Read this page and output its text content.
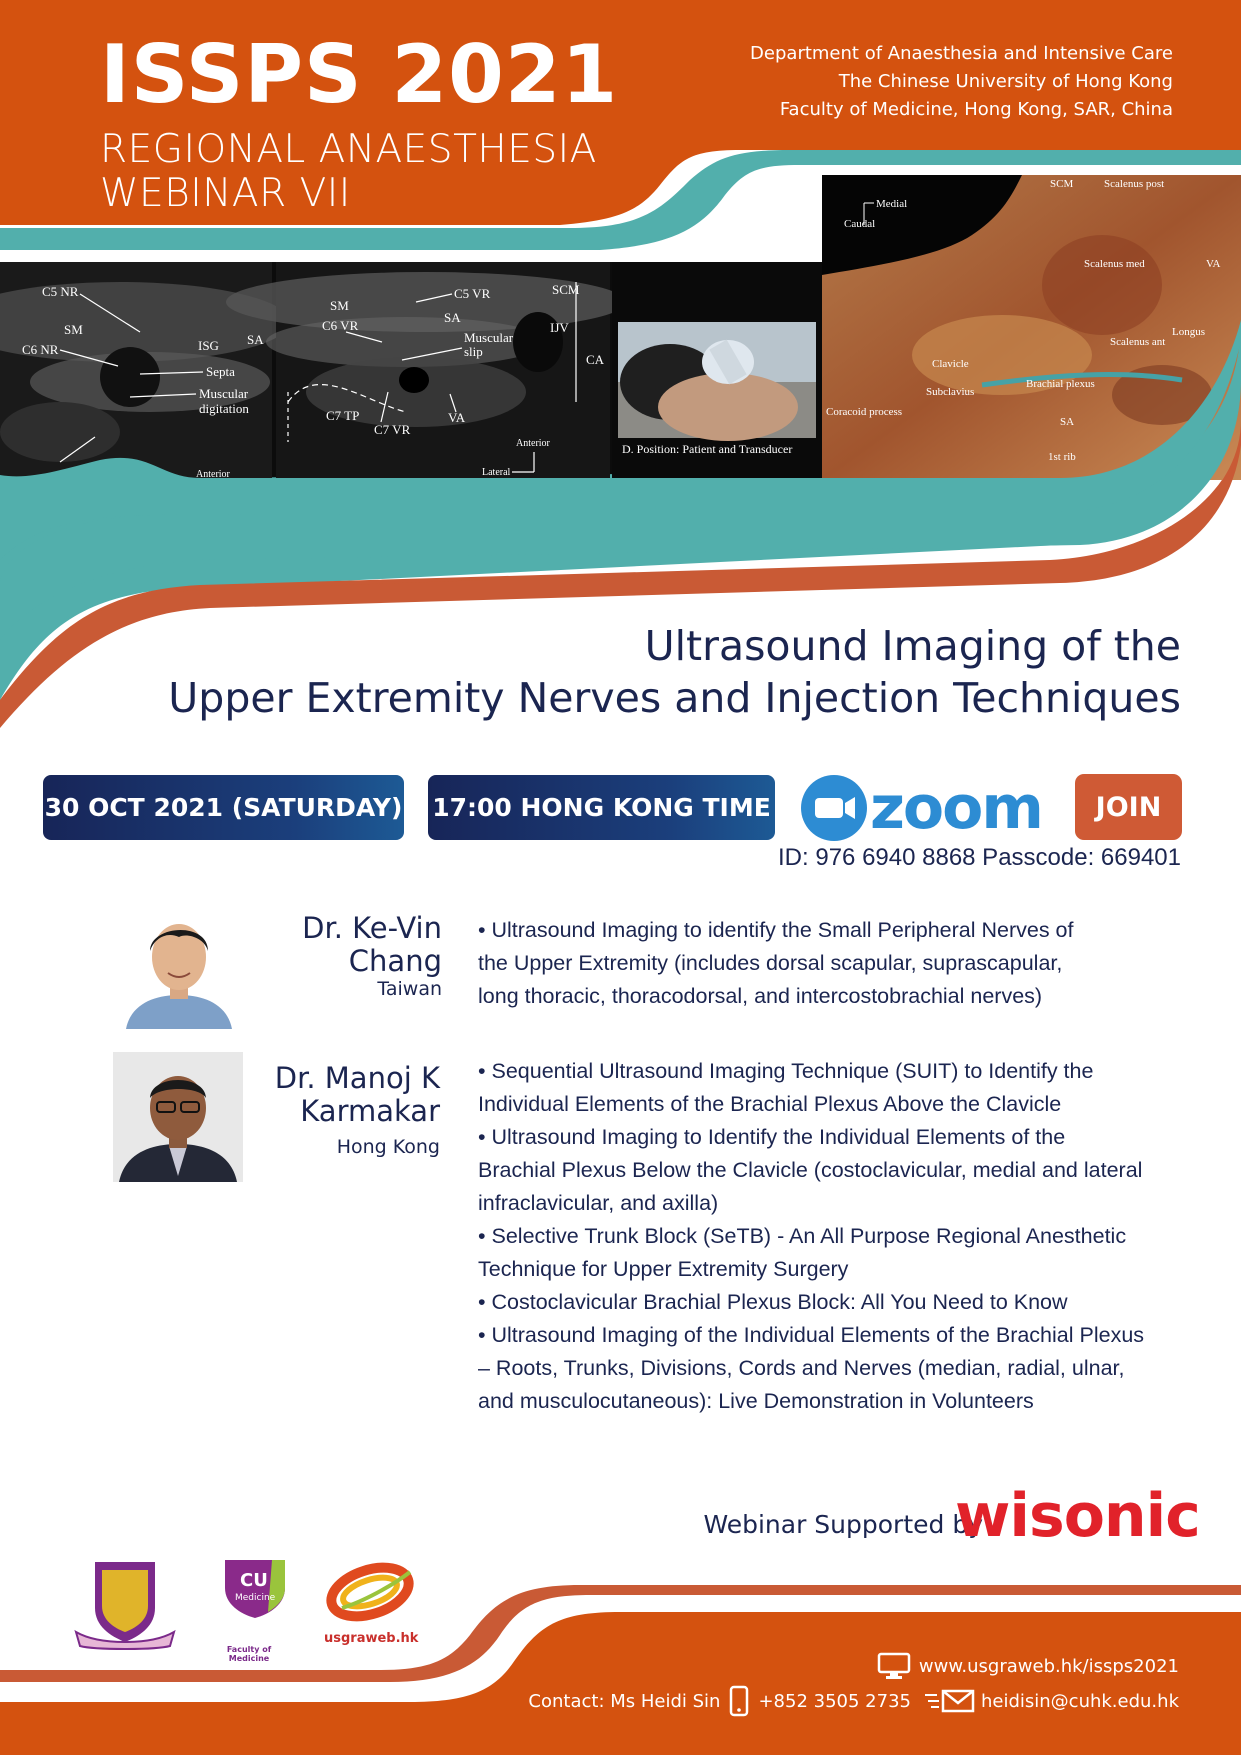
C5 NR
SM
C6 NR	ISG SA
Septa
Muscular
digitation
Anterior
SM
C5 VR
C6 VR
SA
Muscular
slip
C7 TP
C7 VR
VA
SCM
IJV
CA
Anterior
Lateral
D. Position: Patient and Transducer
SCM	Scalenus post
Medial
Caudal
Scalenus med	VA
Longus
Scalenus ant
Clavicle
Subclavius
Brachial plexus
Coracoid process
SA
1st rib
ISSPS 2021
REGIONAL ANAESTHESIA
WEBINAR VII
Department of Anaesthesia and Intensive Care
The Chinese University of Hong Kong
Faculty of Medicine, Hong Kong, SAR, China
Ultrasound Imaging of the
Upper Extremity Nerves and Injection Techniques
30 OCT 2021 (SATURDAY) 17:00 HONG KONG TIME zoom	JOIN
ID: 976 6940 8868 Passcode: 669401
Dr. Ke-Vin
Chang
Taiwan
• Ultrasound Imaging to identify the Small Peripheral Nerves of
the Upper Extremity (includes dorsal scapular, suprascapular,
long thoracic, thoracodorsal, and intercostobrachial nerves)
Dr. Manoj K
Karmakar
Hong Kong
• Sequential Ultrasound Imaging Technique (SUIT) to Identify the
Individual Elements of the Brachial Plexus Above the Clavicle
• Ultrasound Imaging to Identify the Individual Elements of the
Brachial Plexus Below the Clavicle (costoclavicular, medial and lateral
infraclavicular, and axilla)
• Selective Trunk Block (SeTB) - An All Purpose Regional Anesthetic
Technique for Upper Extremity Surgery
• Costoclavicular Brachial Plexus Block: All You Need to Know
• Ultrasound Imaging of the Individual Elements of the Brachial Plexus
– Roots, Trunks, Divisions, Cords and Nerves (median, radial, ulnar,
and musculocutaneous): Live Demonstration in Volunteers
Webinar Supported by
wisonic
CU
Medicine
Faculty of Medicine
usgraweb.hk
www.usgraweb.hk/issps2021
Contact: Ms Heidi Sin +852 3505 2735	heidisin@cuhk.edu.hk
